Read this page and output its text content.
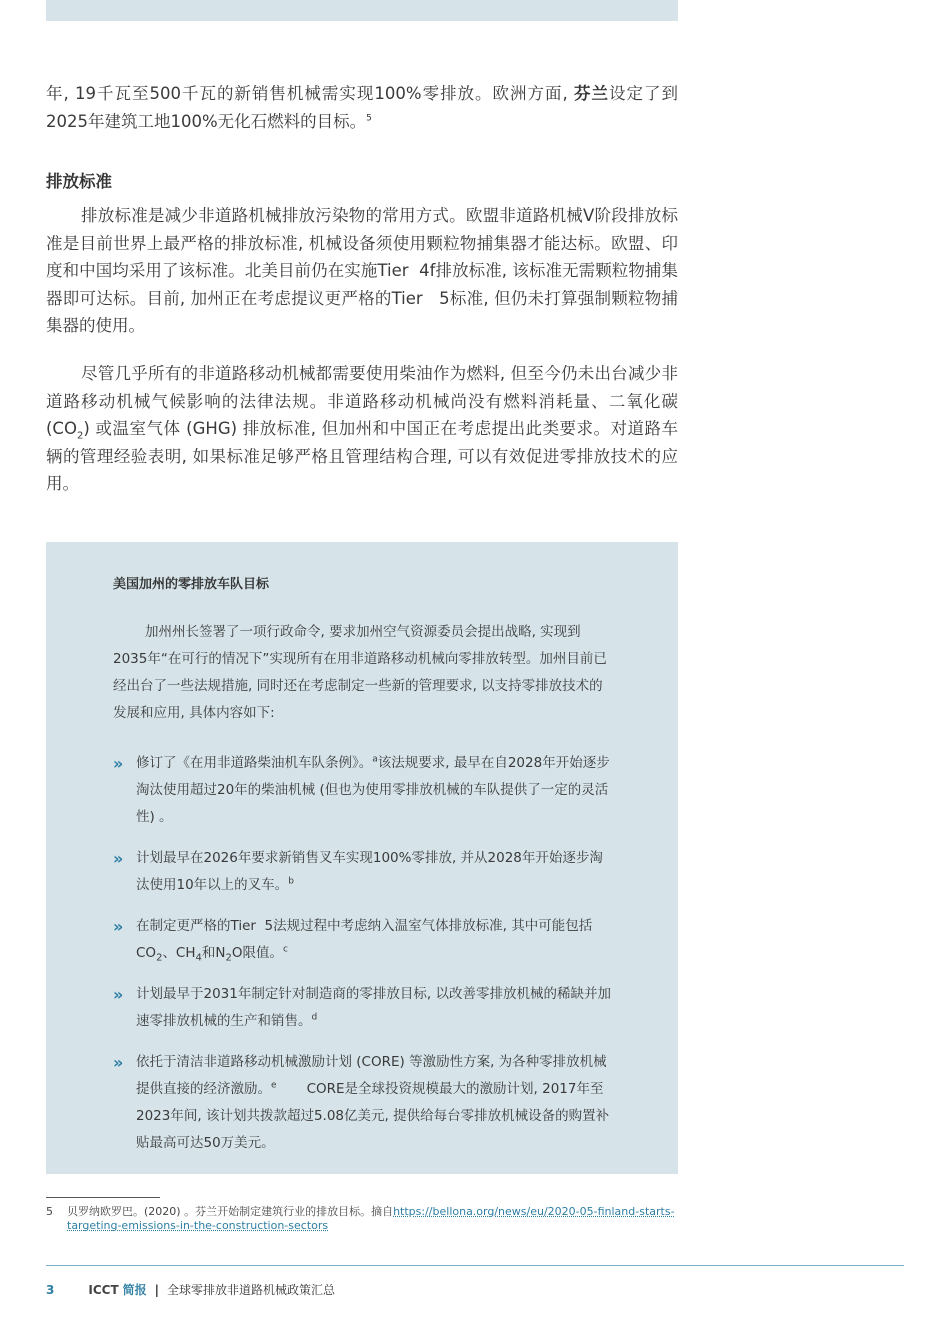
年, 19千瓦至500千瓦的新销售机械需实现100%零排放。欧洲方面, 芬兰设定了到2025年建筑工地100%无化石燃料的目标。$^5$

排放标准

排放标准是减少非道路机械排放污染物的常用方式。欧盟非道路机械V阶段排放标准是目前世界上最严格的排放标准, 机械设备须使用颗粒物捕集器才能达标。欧盟、印度和中国均采用了该标准。北美目前仍在实施Tier  4f排放标准, 该标准无需颗粒物捕集器即可达标。目前, 加州正在考虑提议更严格的Tier   5标准, 但仍未打算强制颗粒物捕集器的使用。

尽管几乎所有的非道路移动机械都需要使用柴油作为燃料, 但至今仍未出台减少非道路移动机械气候影响的法律法规。非道路移动机械尚没有燃料消耗量、二氧化碳 $(CO_2)$ 或温室气体 (GHG) 排放标准, 但加州和中国正在考虑提出此类要求。对道路车辆的管理经验表明, 如果标准足够严格且管理结构合理, 可以有效促进零排放技术的应用。

美国加州的零排放车队目标

加州州长签署了一项行政命令, 要求加州空气资源委员会提出战略, 实现到2035年“在可行的情况下”实现所有在用非道路移动机械向零排放转型。加州目前已经出台了一些法规措施, 同时还在考虑制定一些新的管理要求, 以支持零排放技术的发展和应用, 具体内容如下:

» 修订了《在用非道路柴油机车队条例》。$^a$该法规要求, 最早在自2028年开始逐步淘汰使用超过20年的柴油机械 (但也为使用零排放机械的车队提供了一定的灵活性) 。

» 计划最早在2026年要求新销售叉车实现100%零排放, 并从2028年开始逐步淘汰使用10年以上的叉车。$^b$

» 在制定更严格的Tier  5法规过程中考虑纳入温室气体排放标准, 其中可能包括$CO_2$、$CH_4$和$N_2O$限值。$^c$

» 计划最早于2031年制定针对制造商的零排放目标, 以改善零排放机械的稀缺并加速零排放机械的生产和销售。$^d$

» 依托于清洁非道路移动机械激励计划 (CORE) 等激励性方案, 为各种零排放机械提供直接的经济激励。$^e$       CORE是全球投资规模最大的激励计划, 2017年至2023年间, 该计划共拨款超过5.08亿美元, 提供给每台零排放机械设备的购置补贴最高可达50万美元。

5 贝罗纳欧罗巴。(2020) 。芬兰开始制定建筑行业的排放目标。摘自https://bellona.org/news/eu/2020-05-finland-starts-targeting-emissions-in-the-construction-sectors
3	ICCT 简报 | 全球零排放非道路机械政策汇总
